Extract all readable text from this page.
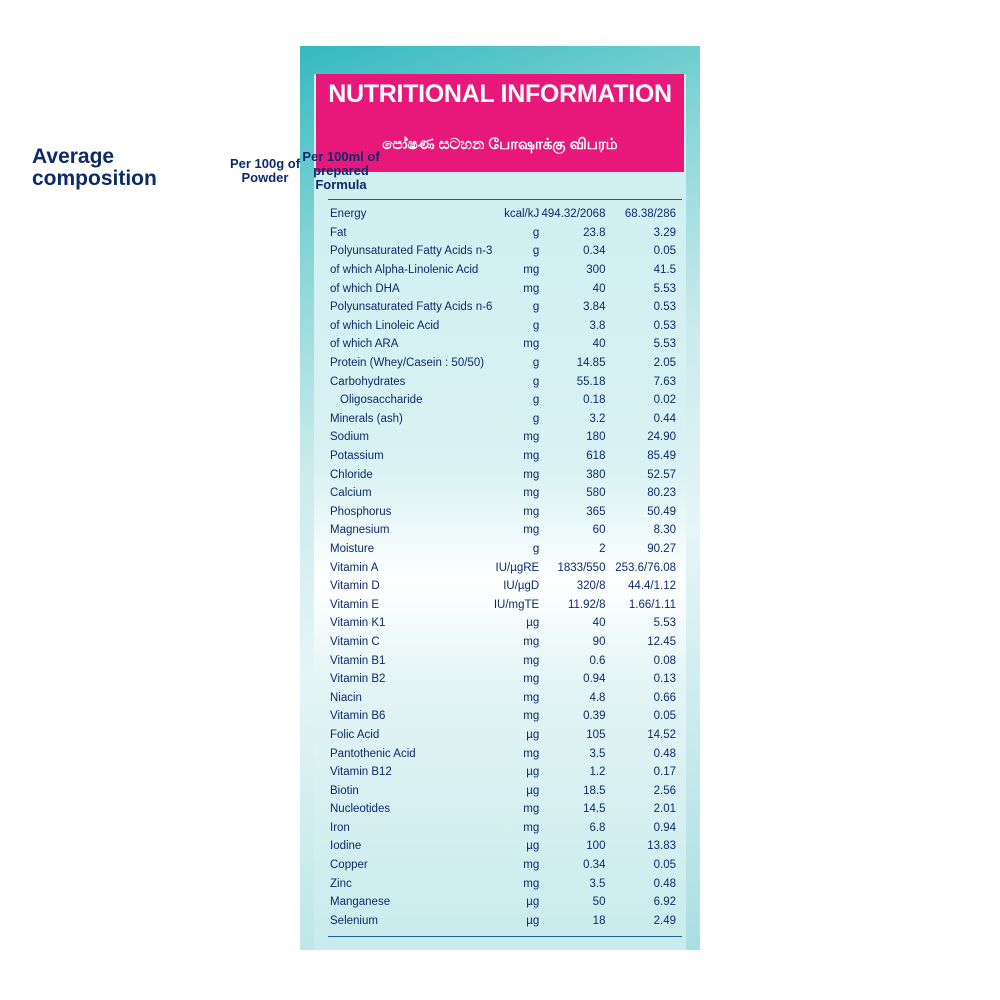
NUTRITIONAL INFORMATION
පෝෂණ සටහන போஷாக்கு விபரம்
Average composition
Per 100g of Powder
Per 100ml of prepared Formula
Energy	kcal/kJ	494.32/2068	68.38/286
Fat	g	23.8	3.29
Polyunsaturated Fatty Acids n-3	g	0.34	0.05
of which Alpha-Linolenic Acid	mg	300	41.5
of which DHA	mg	40	5.53
Polyunsaturated Fatty Acids n-6	g	3.84	0.53
of which Linoleic Acid	g	3.8	0.53
of which ARA	mg	40	5.53
Protein (Whey/Casein : 50/50)	g	14.85	2.05
Carbohydrates	g	55.18	7.63
Oligosaccharide	g	0.18	0.02
Minerals (ash)	g	3.2	0.44
Sodium	mg	180	24.90
Potassium	mg	618	85.49
Chloride	mg	380	52.57
Calcium	mg	580	80.23
Phosphorus	mg	365	50.49
Magnesium	mg	60	8.30
Moisture	g	2	90.27
Vitamin A	IU/µgRE	1833/550	253.6/76.08
Vitamin D	IU/µgD	320/8	44.4/1.12
Vitamin E	IU/mgTE	11.92/8	1.66/1.11
Vitamin K1	µg	40	5.53
Vitamin C	mg	90	12.45
Vitamin B1	mg	0.6	0.08
Vitamin B2	mg	0.94	0.13
Niacin	mg	4.8	0.66
Vitamin B6	mg	0.39	0.05
Folic Acid	µg	105	14.52
Pantothenic Acid	mg	3.5	0.48
Vitamin B12	µg	1.2	0.17
Biotin	µg	18.5	2.56
Nucleotides	mg	14.5	2.01
Iron	mg	6.8	0.94
Iodine	µg	100	13.83
Copper	mg	0.34	0.05
Zinc	mg	3.5	0.48
Manganese	µg	50	6.92
Selenium	µg	18	2.49
